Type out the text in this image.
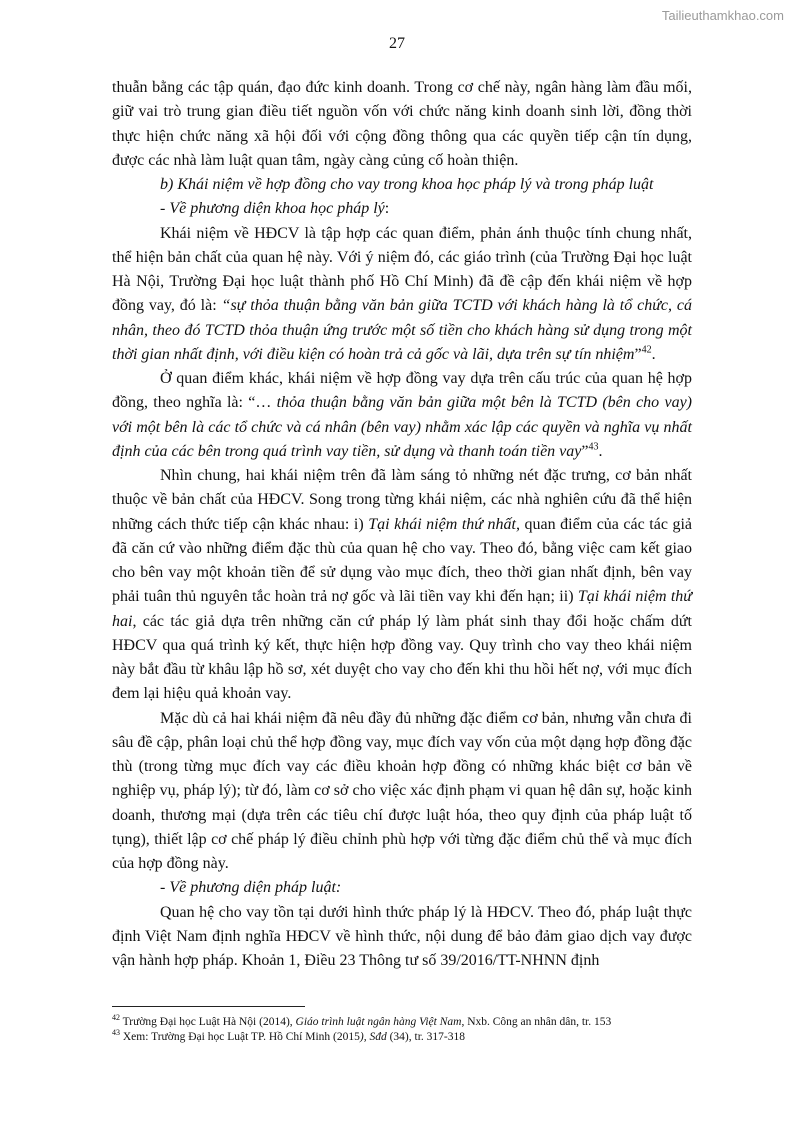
Tailieuthamkhao.com
27

thuẫn bằng các tập quán, đạo đức kinh doanh. Trong cơ chế này, ngân hàng làm đầu mối, giữ vai trò trung gian điều tiết nguồn vốn với chức năng kinh doanh sinh lời, đồng thời thực hiện chức năng xã hội đối với cộng đồng thông qua các quyền tiếp cận tín dụng, được các nhà làm luật quan tâm, ngày càng củng cố hoàn thiện.

b) Khái niệm về hợp đồng cho vay trong khoa học pháp lý và trong pháp luật

- Về phương diện khoa học pháp lý:

Khái niệm về HĐCV là tập hợp các quan điểm, phản ánh thuộc tính chung nhất, thể hiện bản chất của quan hệ này. Với ý niệm đó, các giáo trình (của Trường Đại học luật Hà Nội, Trường Đại học luật thành phố Hồ Chí Minh) đã đề cập đến khái niệm về hợp đồng vay, đó là: “sự thỏa thuận bằng văn bản giữa TCTD với khách hàng là tổ chức, cá nhân, theo đó TCTD thỏa thuận ứng trước một số tiền cho khách hàng sử dụng trong một thời gian nhất định, với điều kiện có hoàn trả cả gốc và lãi, dựa trên sự tín nhiệm”$^{42}$.

Ở quan điểm khác, khái niệm về hợp đồng vay dựa trên cấu trúc của quan hệ hợp đồng, theo nghĩa là: “… thỏa thuận bằng văn bản giữa một bên là TCTD (bên cho vay) với một bên là các tổ chức và cá nhân (bên vay) nhằm xác lập các quyền và nghĩa vụ nhất định của các bên trong quá trình vay tiền, sử dụng và thanh toán tiền vay”$^{43}$.

Nhìn chung, hai khái niệm trên đã làm sáng tỏ những nét đặc trưng, cơ bản nhất thuộc về bản chất của HĐCV. Song trong từng khái niệm, các nhà nghiên cứu đã thể hiện những cách thức tiếp cận khác nhau: i) Tại khái niệm thứ nhất, quan điểm của các tác giả đã căn cứ vào những điểm đặc thù của quan hệ cho vay. Theo đó, bằng việc cam kết giao cho bên vay một khoản tiền để sử dụng vào mục đích, theo thời gian nhất định, bên vay phải tuân thủ nguyên tắc hoàn trả nợ gốc và lãi tiền vay khi đến hạn; ii) Tại khái niệm thứ hai, các tác giả dựa trên những căn cứ pháp lý làm phát sinh thay đổi hoặc chấm dứt HĐCV qua quá trình ký kết, thực hiện hợp đồng vay. Quy trình cho vay theo khái niệm này bắt đầu từ khâu lập hồ sơ, xét duyệt cho vay cho đến khi thu hồi hết nợ, với mục đích đem lại hiệu quả khoản vay.

Mặc dù cả hai khái niệm đã nêu đầy đủ những đặc điểm cơ bản, nhưng vẫn chưa đi sâu đề cập, phân loại chủ thể hợp đồng vay, mục đích vay vốn của một dạng hợp đồng đặc thù (trong từng mục đích vay các điều khoản hợp đồng có những khác biệt cơ bản về nghiệp vụ, pháp lý); từ đó, làm cơ sở cho việc xác định phạm vi quan hệ dân sự, hoặc kinh doanh, thương mại (dựa trên các tiêu chí được luật hóa, theo quy định của pháp luật tố tụng), thiết lập cơ chế pháp lý điều chỉnh phù hợp với từng đặc điểm chủ thể và mục đích của hợp đồng này.

- Về phương diện pháp luật:

Quan hệ cho vay tồn tại dưới hình thức pháp lý là HĐCV. Theo đó, pháp luật thực định Việt Nam định nghĩa HĐCV về hình thức, nội dung để bảo đảm giao dịch vay được vận hành hợp pháp. Khoản 1, Điều 23 Thông tư số 39/2016/TT-NHNN định

$^{42}$ Trường Đại học Luật Hà Nội (2014), Giáo trình luật ngân hàng Việt Nam, Nxb. Công an nhân dân, tr. 153

$^{43}$ Xem: Trường Đại học Luật TP. Hồ Chí Minh (2015), Sđd (34), tr. 317-318
